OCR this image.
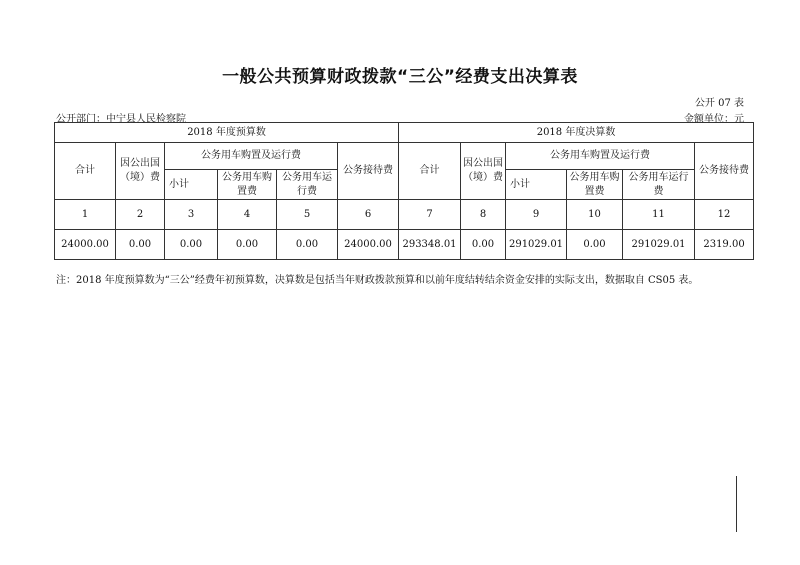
一般公共预算财政拨款“三公”经费支出决算表
公开 07 表
公开部门：中宁县人民检察院	金额单位：元
2018 年度预算数						2018 年度决算数					
合计	因公出国（境）费	公务用车购置及运行费			公务接待费	合计	因公出国（境）费	公务用车购置及运行费			公务接待费
		小计	公务用车购置费	公务用车运行费				小计	公务用车购置费	公务用车运行费	
1	2	3	4	5	6	7	8	9	10	11	12
24000.00	0.00	0.00	0.00	0.00	24000.00	293348.01	0.00	291029.01	0.00	291029.01	2319.00
注：2018 年度预算数为“三公”经费年初预算数，决算数是包括当年财政拨款预算和以前年度结转结余资金安排的实际支出，数据取自 CS05 表。
